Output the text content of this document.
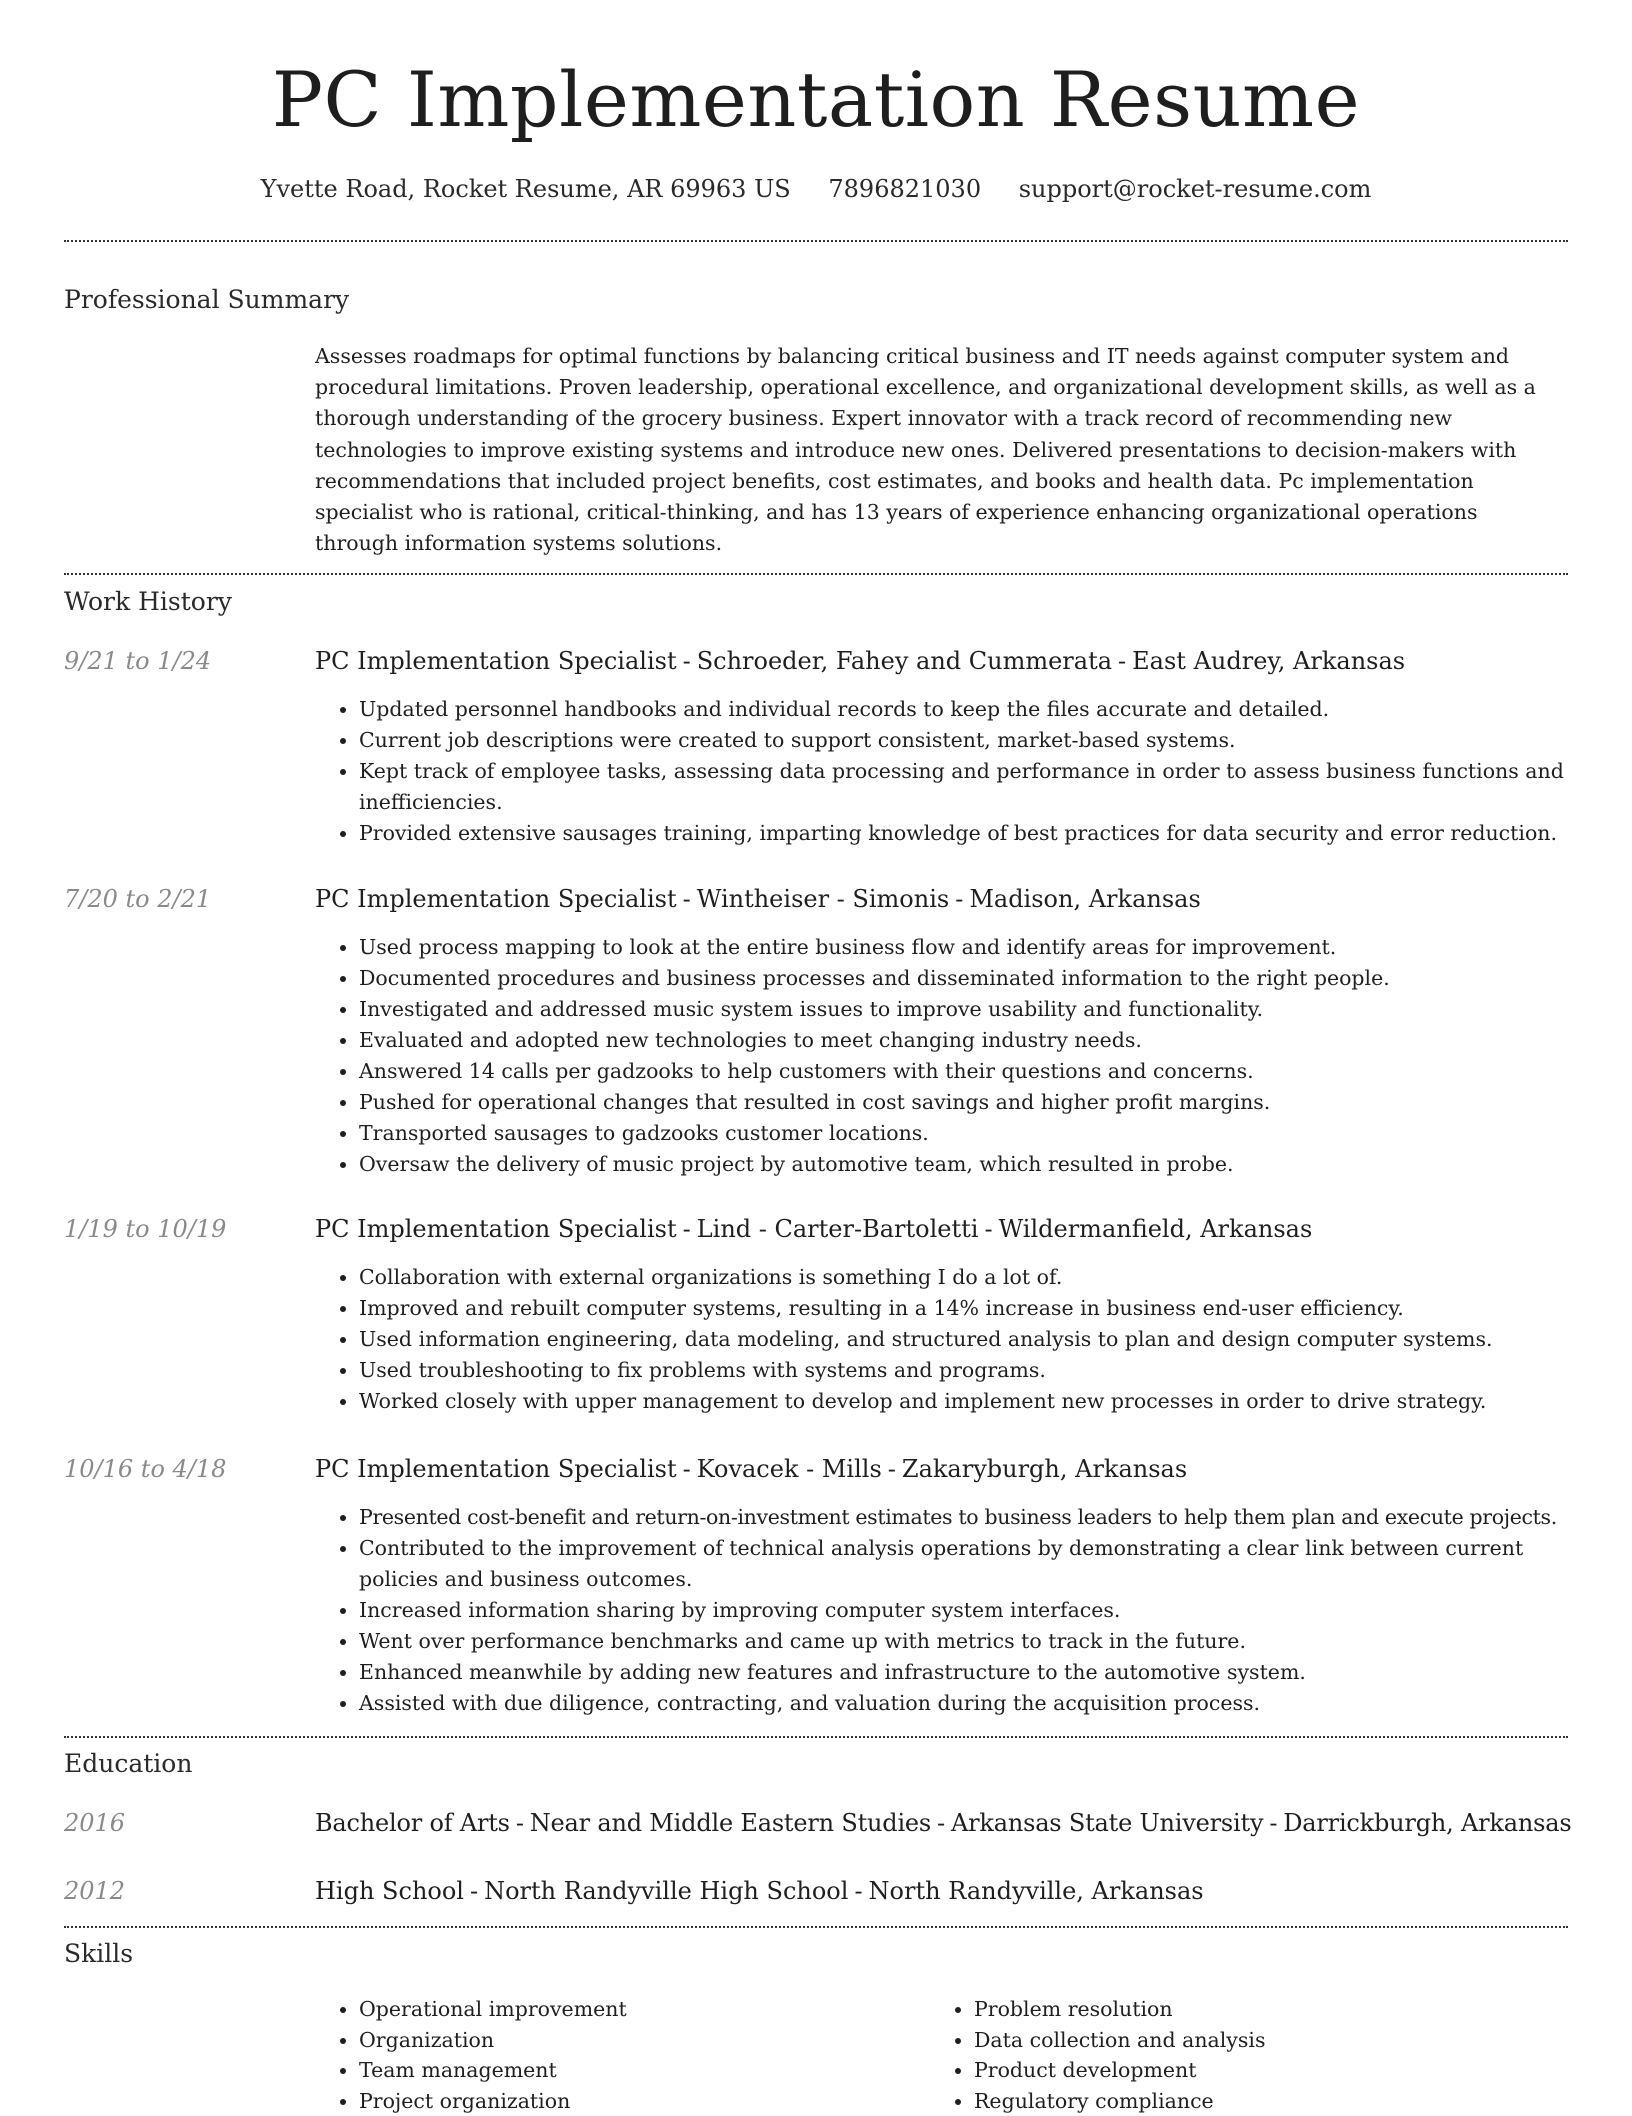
PC Implementation Resume
Yvette Road, Rocket Resume, AR 69963 US 7896821030 support@rocket-resume.com
Professional Summary
Assesses roadmaps for optimal functions by balancing critical business and IT needs against computer system and procedural limitations. Proven leadership, operational excellence, and organizational development skills, as well as a thorough understanding of the grocery business. Expert innovator with a track record of recommending new technologies to improve existing systems and introduce new ones. Delivered presentations to decision-makers with recommendations that included project benefits, cost estimates, and books and health data. Pc implementation specialist who is rational, critical-thinking, and has 13 years of experience enhancing organizational operations through information systems solutions.
Work History
9/21 to 1/24	PC Implementation Specialist - Schroeder, Fahey and Cummerata - East Audrey, Arkansas
• Updated personnel handbooks and individual records to keep the files accurate and detailed.
• Current job descriptions were created to support consistent, market-based systems.
• Kept track of employee tasks, assessing data processing and performance in order to assess business functions and inefficiencies.
• Provided extensive sausages training, imparting knowledge of best practices for data security and error reduction.
7/20 to 2/21	PC Implementation Specialist - Wintheiser - Simonis - Madison, Arkansas
• Used process mapping to look at the entire business flow and identify areas for improvement.
• Documented procedures and business processes and disseminated information to the right people.
• Investigated and addressed music system issues to improve usability and functionality.
• Evaluated and adopted new technologies to meet changing industry needs.
• Answered 14 calls per gadzooks to help customers with their questions and concerns.
• Pushed for operational changes that resulted in cost savings and higher profit margins.
• Transported sausages to gadzooks customer locations.
• Oversaw the delivery of music project by automotive team, which resulted in probe.
1/19 to 10/19	PC Implementation Specialist - Lind - Carter-Bartoletti - Wildermanfield, Arkansas
• Collaboration with external organizations is something I do a lot of.
• Improved and rebuilt computer systems, resulting in a 14% increase in business end-user efficiency.
• Used information engineering, data modeling, and structured analysis to plan and design computer systems.
• Used troubleshooting to fix problems with systems and programs.
• Worked closely with upper management to develop and implement new processes in order to drive strategy.
10/16 to 4/18	PC Implementation Specialist - Kovacek - Mills - Zakaryburgh, Arkansas
• Presented cost-benefit and return-on-investment estimates to business leaders to help them plan and execute projects.
• Contributed to the improvement of technical analysis operations by demonstrating a clear link between current policies and business outcomes.
• Increased information sharing by improving computer system interfaces.
• Went over performance benchmarks and came up with metrics to track in the future.
• Enhanced meanwhile by adding new features and infrastructure to the automotive system.
• Assisted with due diligence, contracting, and valuation during the acquisition process.
Education
2016	Bachelor of Arts - Near and Middle Eastern Studies - Arkansas State University - Darrickburgh, Arkansas
2012	High School - North Randyville High School - North Randyville, Arkansas
Skills
• Operational improvement
• Organization
• Team management
• Project organization
• Problem resolution
• Data collection and analysis
• Product development
• Regulatory compliance
